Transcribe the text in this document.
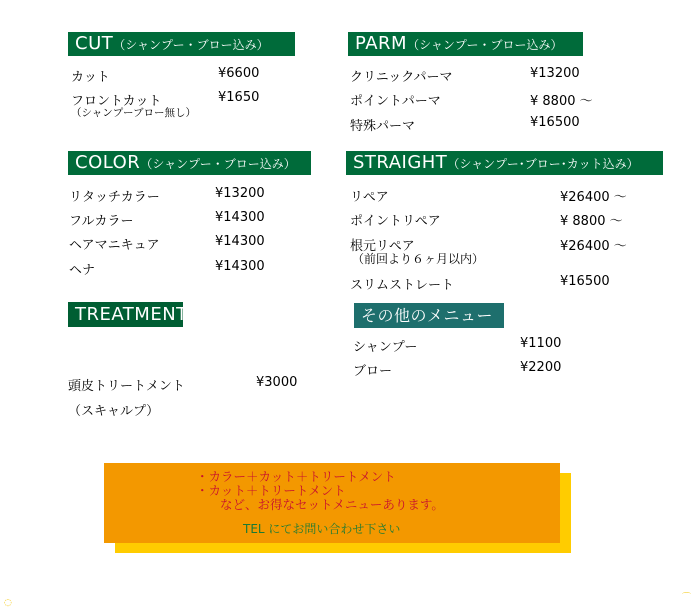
CUT（シャンプー・ブロー込み）
カット	¥6600
フロントカット	¥1650
（シャンプーブロー無し）
PARM（シャンプー・ブロー込み）
クリニックパーマ	¥13200
ポイントパーマ	¥ 8800 ～
特殊パーマ	¥16500
COLOR（シャンプー・ブロー込み）
リタッチカラー	¥13200
フルカラー	¥14300
ヘアマニキュア	¥14300
ヘナ	¥14300
STRAIGHT（シャンプー･ブロー･カット込み）
リペア	¥26400 ～
ポイントリペア	¥ 8800 ～
根元リペア	¥26400 ～
（前回より６ヶ月以内）
スリムストレート	¥16500
TREATMENT
頭皮トリートメント	¥3000
（スキャルプ）
その他のメニュー
シャンプー	¥1100
ブロー	¥2200
・カラー＋カット＋トリートメント
・カット＋トリートメント
など、お得なセットメニューあります。
TEL にてお問い合わせ下さい
◌	⌒
